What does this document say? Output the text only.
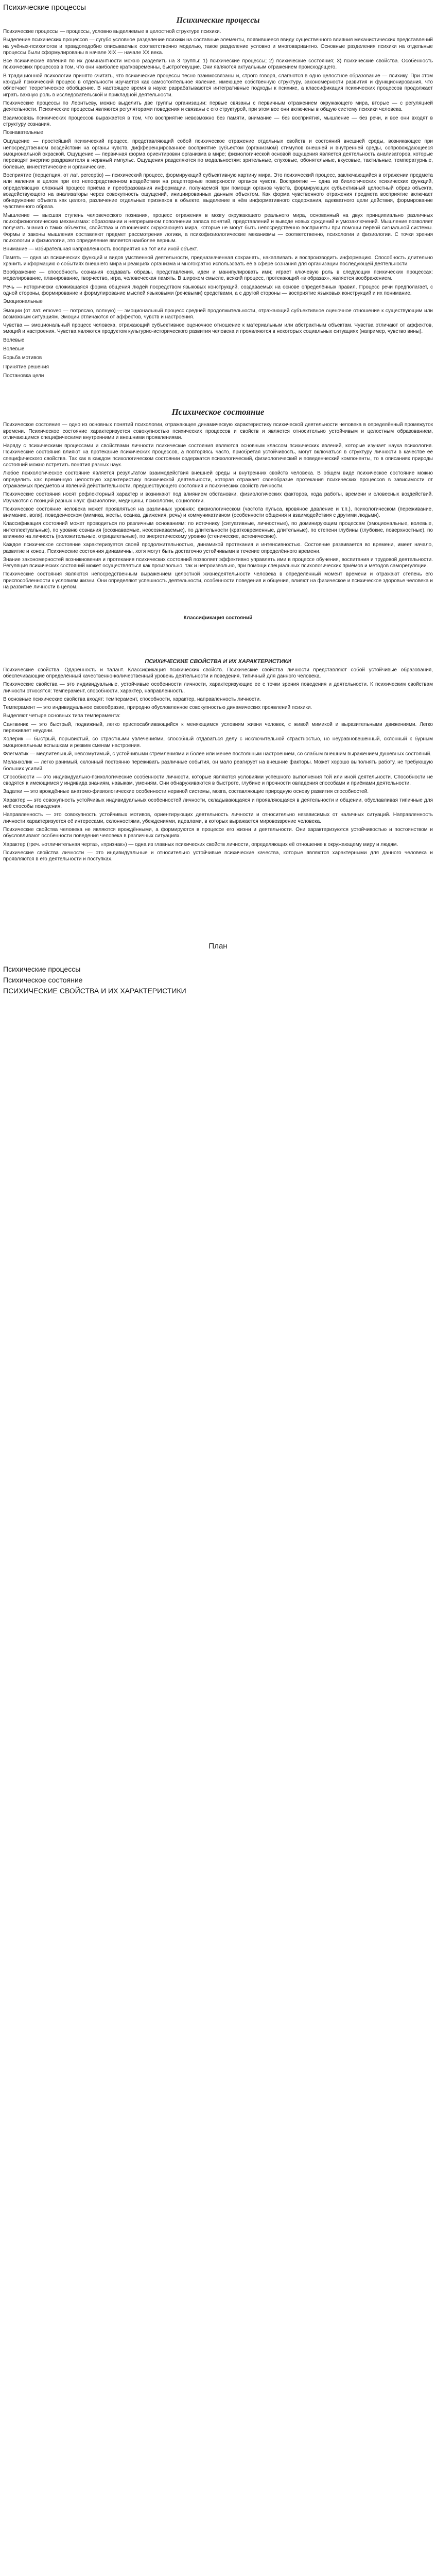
Психические процессы
Психические процессы

Психические процессы — процессы, условно выделяемые в целостной структуре психики.

Выделение психических процессов — сугубо условное разделение психики на составные элементы, появившееся ввиду существенного влияния механистических представлений на учёных-психологов и правдоподобно описываемых соответственно моделью, такое разделение условно и многовариантно. Основные разделения психики на отдельные процессы были сформулированы в начале XIX — начале XX века.

Все психические явления по их доминантности можно разделить на 3 группы: 1) психические процессы; 2) психические состояния; 3) психические свойства. Особенность психических процессов в том, что они наиболее кратковременны, быстротекущие. Они являются актуальным отражением происходящего.

В традиционной психологии принято считать, что психические процессы тесно взаимосвязаны и, строго говоря, слагаются в одно целостное образование — психику. При этом каждый психический процесс в отдельности изучается как самостоятельное явление, имеющее собственную структуру, закономерности развития и функционирования, что облегчает теоретическое обобщение. В настоящее время в науке разрабатываются интегративные подходы к психике, а классификация психических процессов продолжает играть важную роль в исследовательской и прикладной деятельности.

Психические процессы по Леонтьеву, можно выделить две группы организации: первые связаны с первичным отражением окружающего мира, вторые — с регуляцией деятельности. Психические процессы являются регуляторами поведения и связаны с его структурой, при этом все они включены в общую систему психики человека.

Взаимосвязь психических процессов выражается в том, что восприятие невозможно без памяти, внимание — без восприятия, мышление — без речи, и все они входят в структуру сознания.

Познавательные

Ощущение — простейший психический процесс, представляющий собой психическое отражение отдельных свойств и состояний внешней среды, возникающее при непосредственном воздействии на органы чувств, дифференцированное восприятие субъектом (организмом) стимулов внешней и внутренней среды, сопровождающееся эмоциональной окраской. Ощущение — первичная форма ориентировки организма в мире; физиологической основой ощущения является деятельность анализаторов, которые переводят энергию раздражителя в нервный импульс. Ощущения разделяются по модальностям: зрительные, слуховые, обонятельные, вкусовые, тактильные, температурные, болевые, кинестетические и органические.

Восприятие (перцепция, от лат. perceptio) — психический процесс, формирующий субъективную картину мира. Это психический процесс, заключающийся в отражении предмета или явления в целом при его непосредственном воздействии на рецепторные поверхности органов чувств. Восприятие — одна из биологических психических функций, определяющих сложный процесс приёма и преобразования информации, получаемой при помощи органов чувств, формирующих субъективный целостный образ объекта, воздействующего на анализаторы через совокупность ощущений, инициированных данным объектом. Как форма чувственного отражения предмета восприятие включает обнаружение объекта как целого, различение отдельных признаков в объекте, выделение в нём информативного содержания, адекватного цели действия, формирование чувственного образа.

Мышление — высшая ступень человеческого познания, процесс отражения в мозгу окружающего реального мира, основанный на двух принципиально различных психофизиологических механизмах: образовании и непрерывном пополнении запаса понятий, представлений и выводе новых суждений и умозаключений. Мышление позволяет получать знания о таких объектах, свойствах и отношениях окружающего мира, которые не могут быть непосредственно восприняты при помощи первой сигнальной системы. Формы и законы мышления составляют предмет рассмотрения логики, а психофизиологические механизмы — соответственно, психологии и физиологии. С точки зрения психологии и физиологии, это определение является наиболее верным.

Внимание — избирательная направленность восприятия на тот или иной объект.

Память — одна из психических функций и видов умственной деятельности, предназначенная сохранять, накапливать и воспроизводить информацию. Способность длительно хранить информацию о событиях внешнего мира и реакциях организма и многократно использовать её в сфере сознания для организации последующей деятельности.

Воображение — способность сознания создавать образы, представления, идеи и манипулировать ими; играет ключевую роль в следующих психических процессах: моделирование, планирование, творчество, игра, человеческая память. В широком смысле, всякий процесс, протекающий «в образах», является воображением.

Речь — исторически сложившаяся форма общения людей посредством языковых конструкций, создаваемых на основе определённых правил. Процесс речи предполагает, с одной стороны, формирование и формулирование мыслей языковыми (речевыми) средствами, а с другой стороны — восприятие языковых конструкций и их понимание.

Эмоциональные

Эмоции (от лат. emoveo — потрясаю, волную) — эмоциональный процесс средней продолжительности, отражающий субъективное оценочное отношение к существующим или возможным ситуациям. Эмоции отличаются от аффектов, чувств и настроения.

Чувства — эмоциональный процесс человека, отражающий субъективное оценочное отношение к материальным или абстрактным объектам. Чувства отличают от аффектов, эмоций и настроения. Чувства являются продуктом культурно-исторического развития человека и проявляются в некоторых социальных ситуациях (например, чувство вины).

Волевые
Волевые
Борьба мотивов
Принятие решения
Постановка цели
Психическое состояние

Психическое состояние — одно из основных понятий психологии, отражающее динамическую характеристику психической деятельности человека в определённый промежуток времени. Психическое состояние характеризуется совокупностью психических процессов и свойств и является относительно устойчивым и целостным образованием, отличающимся специфическими внутренними и внешними проявлениями.

Наряду с психическими процессами и свойствами личности психические состояния являются основным классом психических явлений, которые изучает наука психология. Психические состояния влияют на протекание психических процессов, а повторяясь часто, приобретая устойчивость, могут включаться в структуру личности в качестве её специфического свойства. Так как в каждом психологическом состоянии содержатся психологический, физиологический и поведенческий компоненты, то в описаниях природы состояний можно встретить понятия разных наук.

Любое психологическое состояние является результатом взаимодействия внешней среды и внутренних свойств человека. В общем виде психическое состояние можно определить как временную целостную характеристику психической деятельности, которая отражает своеобразие протекания психических процессов в зависимости от отражаемых предметов и явлений действительности, предшествующего состояния и психических свойств личности.

Психические состояния носят рефлекторный характер и возникают под влиянием обстановки, физиологических факторов, хода работы, времени и словесных воздействий. Изучаются с позиций разных наук: физиологии, медицины, психологии, социологии.

Психическое состояние человека может проявляться на различных уровнях: физиологическом (частота пульса, кровяное давление и т.п.), психологическом (переживание, внимание, воля), поведенческом (мимика, жесты, осанка, движения, речь) и коммуникативном (особенности общения и взаимодействия с другими людьми).

Классификация состояний может проводиться по различным основаниям: по источнику (ситуативные, личностные), по доминирующим процессам (эмоциональные, волевые, интеллектуальные), по уровню сознания (осознаваемые, неосознаваемые), по длительности (кратковременные, длительные), по степени глубины (глубокие, поверхностные), по влиянию на личность (положительные, отрицательные), по энергетическому уровню (стенические, астенические).

Каждое психическое состояние характеризуется своей продолжительностью, динамикой протекания и интенсивностью. Состояние развивается во времени, имеет начало, развитие и конец. Психические состояния динамичны, хотя могут быть достаточно устойчивыми в течение определённого времени.

Знание закономерностей возникновения и протекания психических состояний позволяет эффективно управлять ими в процессе обучения, воспитания и трудовой деятельности. Регуляция психических состояний может осуществляться как произвольно, так и непроизвольно, при помощи специальных психологических приёмов и методов саморегуляции.

Психические состояния являются непосредственным выражением целостной жизнедеятельности человека в определённый момент времени и отражают степень его приспособленности к условиям жизни. Они определяют успешность деятельности, особенности поведения и общения, влияют на физическое и психическое здоровье человека и на развитие личности в целом.

Классификация состояний
ПСИХИЧЕСКИЕ СВОЙСТВА И ИХ ХАРАКТЕРИСТИКИ

Психические свойства. Одаренность и талант. Классификация психических свойств. Психические свойства личности представляют собой устойчивые образования, обеспечивающие определённый качественно-количественный уровень деятельности и поведения, типичный для данного человека.

Психические свойства — это индивидуальные, устойчивые особенности личности, характеризующие ее с точки зрения поведения и деятельности. К психическим свойствам личности относятся: темперамент, способности, характер, направленность.

В основные психические свойства входят: темперамент, способности, характер, направленность личности.

Темперамент — это индивидуальное своеобразие, природно обусловленное совокупностью динамических проявлений психики.

Выделяют четыре основных типа темперамента:

Сангвиник — это быстрый, подвижный, легко приспосабливающийся к меняющимся условиям жизни человек, с живой мимикой и выразительными движениями. Легко переживает неудачи.

Холерик — быстрый, порывистый, со страстными увлечениями, способный отдаваться делу с исключительной страстностью, но неуравновешенный, склонный к бурным эмоциональным вспышкам и резким сменам настроения.

Флегматик — медлительный, невозмутимый, с устойчивыми стремлениями и более или менее постоянным настроением, со слабым внешним выражением душевных состояний.

Меланхолик — легко ранимый, склонный постоянно переживать различные события, он мало реагирует на внешние факторы. Может хорошо выполнять работу, не требующую больших усилий.

Способности — это индивидуально-психологические особенности личности, которые являются условиями успешного выполнения той или иной деятельности. Способности не сводятся к имеющимся у индивида знаниям, навыкам, умениям. Они обнаруживаются в быстроте, глубине и прочности овладения способами и приёмами деятельности.

Задатки — это врождённые анатомо-физиологические особенности нервной системы, мозга, составляющие природную основу развития способностей.

Характер — это совокупность устойчивых индивидуальных особенностей личности, складывающаяся и проявляющаяся в деятельности и общении, обуславливая типичные для неё способы поведения.

Направленность — это совокупность устойчивых мотивов, ориентирующих деятельность личности и относительно независимых от наличных ситуаций. Направленность личности характеризуется её интересами, склонностями, убеждениями, идеалами, в которых выражается мировоззрение человека.

Психические свойства человека не являются врождёнными, а формируются в процессе его жизни и деятельности. Они характеризуются устойчивостью и постоянством и обусловливают особенности поведения человека в различных ситуациях.

Характер (греч. «отличительная черта», «признак») — одна из главных психических свойств личности, определяющих её отношение к окружающему миру и людям.

Психические свойства личности — это индивидуальные и относительно устойчивые психические качества, которые являются характерными для данного человека и проявляются в его деятельности и поступках.

План
Психические процессы
Психическое состояние
ПСИХИЧЕСКИЕ СВОЙСТВА И ИХ ХАРАКТЕРИСТИКИ
